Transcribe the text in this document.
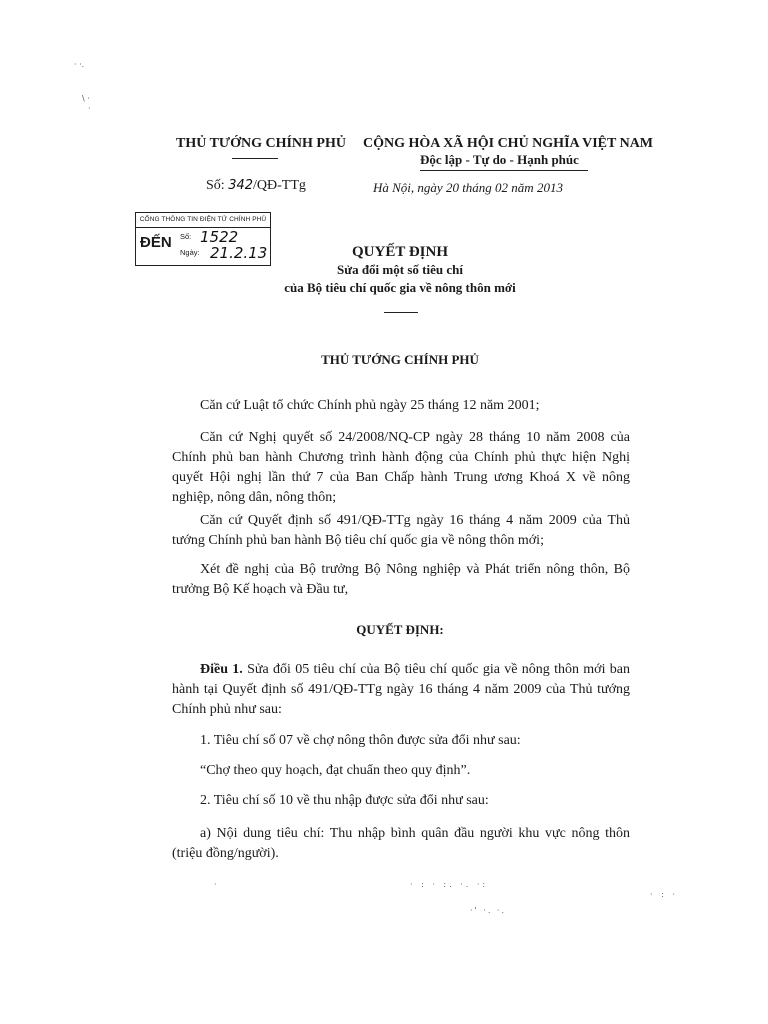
· ·.
\ ·
·
THỦ TƯỚNG CHÍNH PHỦ
Số: 342/QĐ-TTg
CỘNG HÒA XÃ HỘI CHỦ NGHĨA VIỆT NAM
Độc lập - Tự do - Hạnh phúc
Hà Nội, ngày 20 tháng 02 năm 2013
CỔNG THÔNG TIN ĐIỆN TỬ CHÍNH PHỦ
ĐẾN Số: 1522
Ngày: 21.2.13	QUYẾT ĐỊNH
Sửa đổi một số tiêu chí
của Bộ tiêu chí quốc gia về nông thôn mới
THỦ TƯỚNG CHÍNH PHỦ
Căn cứ Luật tổ chức Chính phủ ngày 25 tháng 12 năm 2001;
Căn cứ Nghị quyết số 24/2008/NQ-CP ngày 28 tháng 10 năm 2008 của Chính phủ ban hành Chương trình hành động của Chính phủ thực hiện Nghị quyết Hội nghị lần thứ 7 của Ban Chấp hành Trung ương Khoá X về nông nghiệp, nông dân, nông thôn;
Căn cứ Quyết định số 491/QĐ-TTg ngày 16 tháng 4 năm 2009 của Thủ tướng Chính phủ ban hành Bộ tiêu chí quốc gia về nông thôn mới;
Xét đề nghị của Bộ trưởng Bộ Nông nghiệp và Phát triển nông thôn, Bộ trưởng Bộ Kế hoạch và Đầu tư,
QUYẾT ĐỊNH:
Điều 1. Sửa đổi 05 tiêu chí của Bộ tiêu chí quốc gia về nông thôn mới ban hành tại Quyết định số 491/QĐ-TTg ngày 16 tháng 4 năm 2009 của Thủ tướng Chính phủ như sau:
1. Tiêu chí số 07 về chợ nông thôn được sửa đổi như sau:
“Chợ theo quy hoạch, đạt chuẩn theo quy định”.
2. Tiêu chí số 10 về thu nhập được sửa đổi như sau:
a) Nội dung tiêu chí: Thu nhập bình quân đầu người khu vực nông thôn (triệu đồng/người).
·	· : · :. ·. ·:
·' ·. ·.
· : ·
